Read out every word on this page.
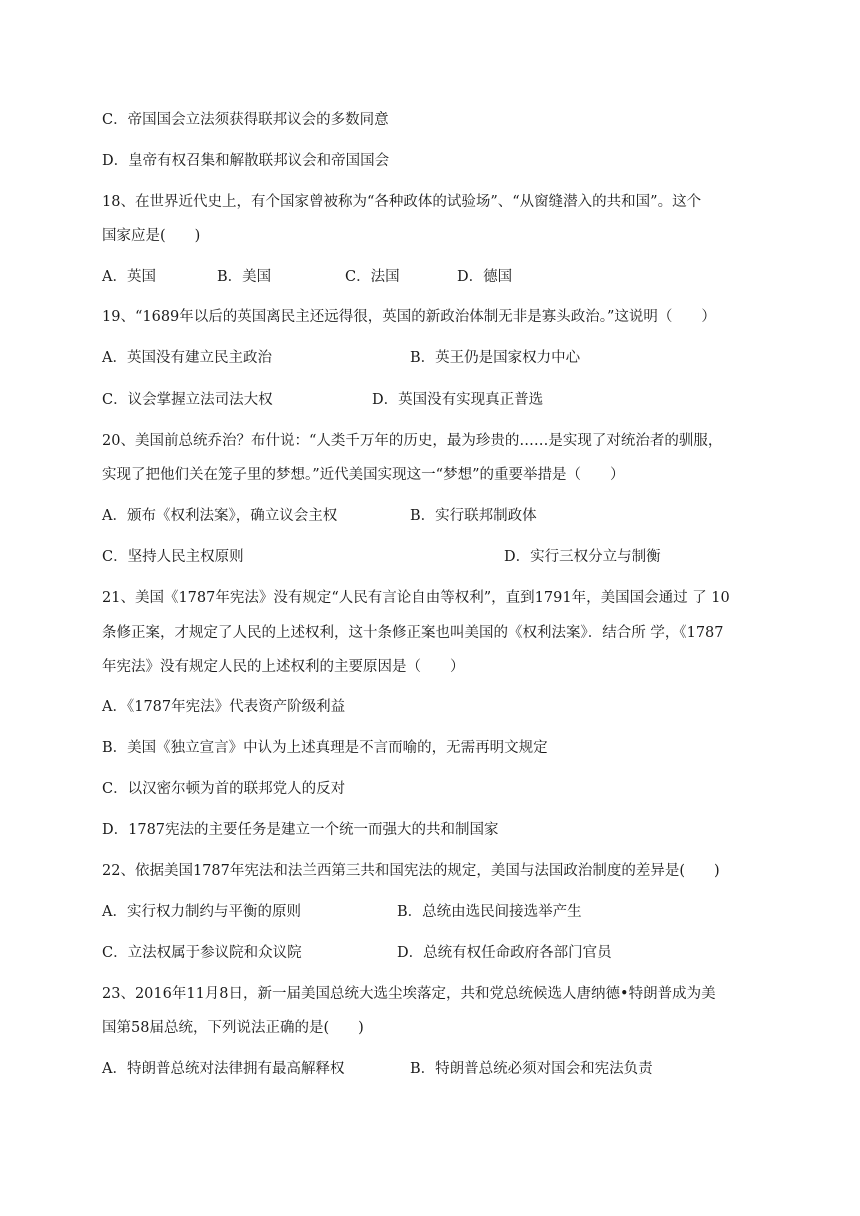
C．帝国国会立法须获得联邦议会的多数同意
D．皇帝有权召集和解散联邦议会和帝国国会
18、在世界近代史上，有个国家曾被称为“各种政体的试验场”、“从窗缝潜入的共和国”。这个
国家应是(　　)
A．英国	B．美国	C．法国	D．德国
19、“1689年以后的英国离民主还远得很，英国的新政治体制无非是寡头政治。”这说明（　　）
A．英国没有建立民主政治	B．英王仍是国家权力中心
C．议会掌握立法司法大权	D．英国没有实现真正普选
20、美国前总统乔治？布什说：“人类千万年的历史，最为珍贵的……是实现了对统治者的驯服，
实现了把他们关在笼子里的梦想。”近代美国实现这一“梦想”的重要举措是（　　）
A．颁布《权利法案》，确立议会主权	B．实行联邦制政体
C．坚持人民主权原则	D．实行三权分立与制衡
21、美国《1787年宪法》没有规定“人民有言论自由等权利”，直到1791年，美国国会通过 了 10
条修正案，才规定了人民的上述权利，这十条修正案也叫美国的《权利法案》．结合所 学，《1787
年宪法》没有规定人民的上述权利的主要原因是（　　）
A．《1787年宪法》代表资产阶级利益
B．美国《独立宣言》中认为上述真理是不言而喻的，无需再明文规定
C．以汉密尔顿为首的联邦党人的反对
D．1787宪法的主要任务是建立一个统一而强大的共和制国家
22、依据美国1787年宪法和法兰西第三共和国宪法的规定，美国与法国政治制度的差异是(　　)
A．实行权力制约与平衡的原则	B．总统由选民间接选举产生
C．立法权属于参议院和众议院	D．总统有权任命政府各部门官员
23、2016年11月8日，新一届美国总统大选尘埃落定，共和党总统候选人唐纳德•特朗普成为美
国第58届总统，下列说法正确的是(　　)
A．特朗普总统对法律拥有最高解释权	B．特朗普总统必须对国会和宪法负责
